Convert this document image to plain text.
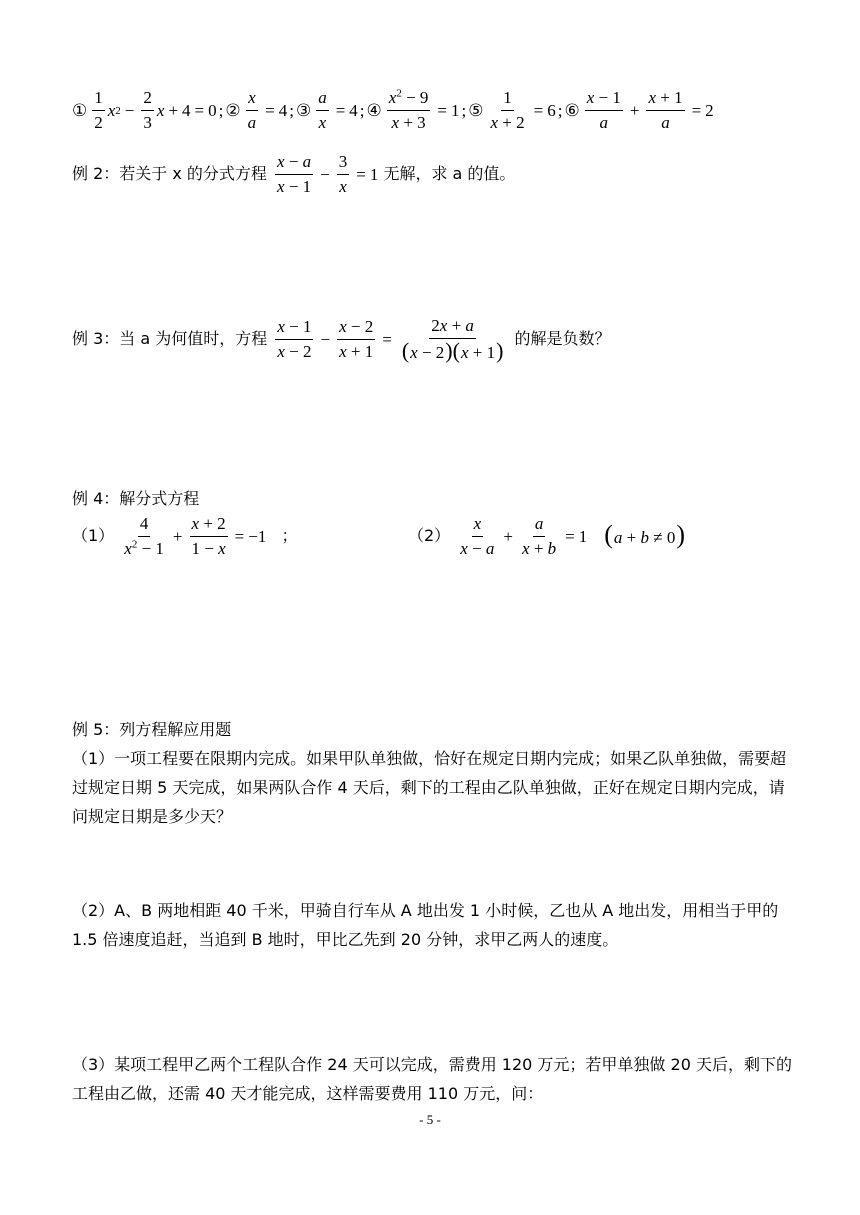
① $\frac{1}{2}$ x $2 - \frac{2}{3}$ x + 4 = 0 ; ② $\frac{x}{a} = 4$ ; ③ $\frac{a}{x} = 4$ ; ④ $\frac{x^2 - 9}{x + 3} = 1$ ; ⑤ $\frac{1}{x + 2} = 6$ ; ⑥ $\frac{x - 1}{a} + \frac{x + 1}{a} = 2$
例 2：若关于 x 的分式方程 $\frac{x - a}{x - 1} - \frac{3}{x} = 1$ 无解，求 a 的值。
例 3：当 a 为何值时，方程 $\frac{x - 1}{x - 2} - \frac{x - 2}{x + 1} = \frac{2x + a}{(x - 2)(x + 1)}$ 的解是负数？
例 4：解分式方程
$(1) \frac{4}{x^2 - 1} + \frac{x + 2}{1 - x} = -1$ ；	$(2) \frac{x}{x - a} + \frac{a}{x + b} = 1$ (a + b ≠ 0)
例 5：列方程解应用题
（1）一项工程要在限期内完成。如果甲队单独做，恰好在规定日期内完成；如果乙队单独做，需要超过规定日期 5 天完成，如果两队合作 4 天后，剩下的工程由乙队单独做，正好在规定日期内完成，请问规定日期是多少天？
（2）A、B 两地相距 40 千米，甲骑自行车从 A 地出发 1 小时候，乙也从 A 地出发，用相当于甲的 1.5 倍速度追赶，当追到 B 地时，甲比乙先到 20 分钟，求甲乙两人的速度。
（3）某项工程甲乙两个工程队合作 24 天可以完成，需费用 120 万元；若甲单独做 20 天后，剩下的工程由乙做，还需 40 天才能完成，这样需要费用 110 万元，问：
- 5 -
